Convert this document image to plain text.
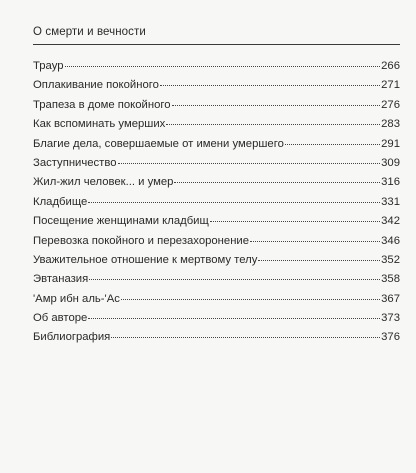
О смерти и вечности
Траур	266
Оплакивание покойного	271
Трапеза в доме покойного	276
Как вспоминать умерших	283
Благие дела, совершаемые от имени умершего	291
Заступничество	309
Жил-жил человек... и умер	316
Кладбище	331
Посещение женщинами кладбищ	342
Перевозка покойного и перезахоронение	346
Уважительное отношение к мертвому телу	352
Эвтаназия	358
'Амр ибн аль-'Ас	367
Об авторе	373
Библиография	376
